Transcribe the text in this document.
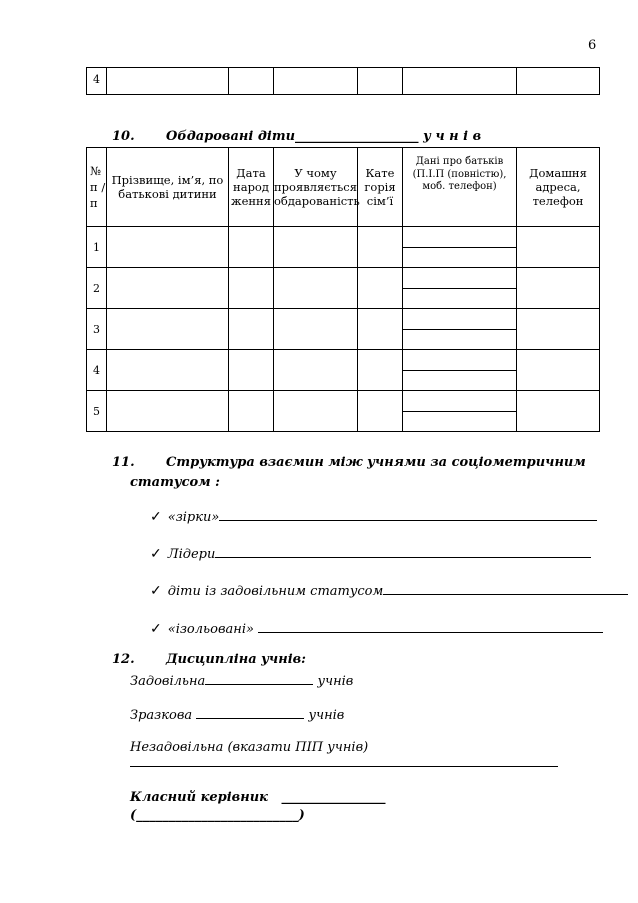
6
4						
10. Обдаровані діти___________________ у ч н і в
№ п / п	Прізвище, ім’я, по батькові дитини	Дата народ ження	У чому проявляється обдарованість	Кате горія сім’ї	Дані про батьків (П.І.П (повністю), моб. телефон)	Домашня адреса, телефон
1					

2					

3					

4					

5					

11. Структура взаємин між учнями за соціометричним
статусом :
✓ «зірки»
✓ Лідери
✓ діти із задовільним статусом
✓ «ізольовані»
12. Дисципліна учнів:
Задовільна	учнів
Зразкова	учнів
Незадовільна (вказати ПІП учнів)
Класний керівник ________________
(_________________________)
